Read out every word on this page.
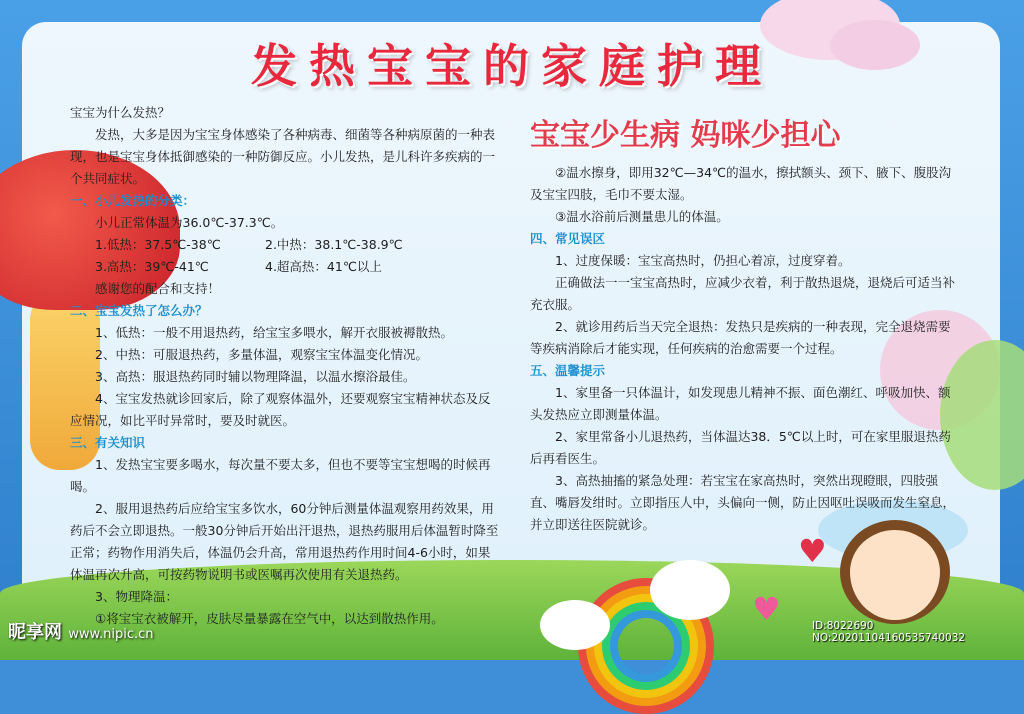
♥
♥
发热宝宝的家庭护理
宝宝少生病 妈咪少担心

宝宝为什么发热？

发热，大多是因为宝宝身体感染了各种病毒、细菌等各种病原菌的一种表现，也是宝宝身体抵御感染的一种防御反应。小儿发热，是儿科许多疾病的一个共同症状。

一、小儿发热的分类：

小儿正常体温为36.0℃-37.3℃。

1.低热：37.5℃-38℃	2.中热：38.1℃-38.9℃

3.高热：39℃-41℃	4.超高热：41℃以上

感谢您的配合和支持！

二、宝宝发热了怎么办？

1、低热：一般不用退热药，给宝宝多喂水，解开衣服被褥散热。

2、中热：可服退热药，多量体温，观察宝宝体温变化情况。

3、高热：服退热药同时辅以物理降温，以温水擦浴最佳。

4、宝宝发热就诊回家后，除了观察体温外，还要观察宝宝精神状态及反应情况，如比平时异常时，要及时就医。

三、有关知识

1、发热宝宝要多喝水，每次量不要太多，但也不要等宝宝想喝的时候再喝。

2、服用退热药后应给宝宝多饮水，60分钟后测量体温观察用药效果，用药后不会立即退热。一般30分钟后开始出汗退热，退热药服用后体温暂时降至正常；药物作用消失后，体温仍会升高，常用退热药作用时间4-6小时，如果体温再次升高，可按药物说明书或医嘱再次使用有关退热药。

3、物理降温：

①将宝宝衣被解开，皮肤尽量暴露在空气中，以达到散热作用。

②温水擦身，即用32℃—34℃的温水，擦拭额头、颈下、腋下、腹股沟及宝宝四肢，毛巾不要太湿。

③温水浴前后测量患儿的体温。

四、常见误区

1、过度保暖：宝宝高热时，仍担心着凉，过度穿着。

正确做法一一宝宝高热时，应减少衣着，利于散热退烧，退烧后可适当补充衣服。

2、就诊用药后当天完全退热：发热只是疾病的一种表现，完全退烧需要等疾病消除后才能实现，任何疾病的治愈需要一个过程。

五、温馨提示

1、家里备一只体温计，如发现患儿精神不振、面色潮红、呼吸加快、额头发热应立即测量体温。

2、家里常备小儿退热药，当体温达38．5℃以上时，可在家里服退热药后再看医生。

3、高热抽搐的紧急处理：若宝宝在家高热时，突然出现瞪眼，四肢强直、嘴唇发绀时。立即指压人中，头偏向一侧，防止因呕吐误吸而发生窒息，并立即送往医院就诊。

昵享网 www.nipic.cn
ID:8022690 NO:20201104160535740032
